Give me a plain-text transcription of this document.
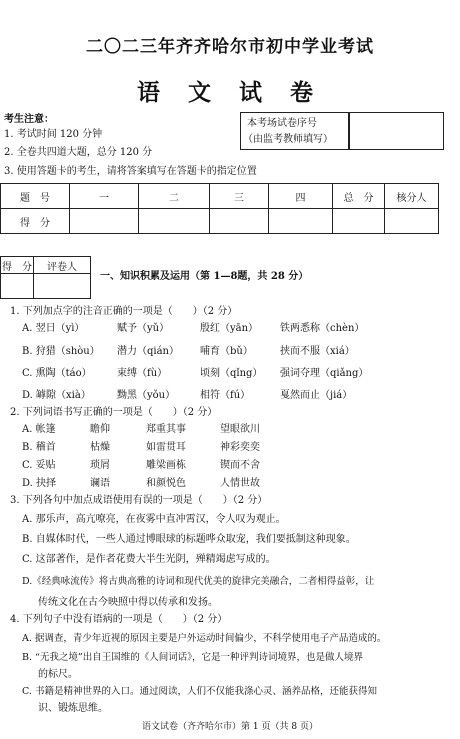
二〇二三年齐齐哈尔市初中学业考试
语 文 试 卷
考生注意：
1. 考试时间 120 分钟
2. 全卷共四道大题，总分 120 分
3. 使用答题卡的考生，请将答案填写在答题卡的指定位置
本考场试卷序号
（由监考教师填写）
题　号	一	二	三	四	总　分	核分人
得　分						
得　分	评卷人

一、知识积累及运用（第 1—8题，共 28 分）
1. 下列加点字的注音正确的一项是（　　）（2 分）
A. 翌日（yì）	赋予（yǔ）	殷红（yān） 铁两悉称（chèn）
B. 狩猎（shòu） 潜力（qián） 哺育（bǔ）	挟而不服（xiá）
C. 熏陶（táo）	束缚（fù）	顷刻（qǐng） 强词夺理（qiǎng）
D. 罅隙（xià）	黝黑（yǒu） 相符（fú）	戛然而止（jiá）
2. 下列词语书写正确的一项是（　　）（2 分）
A. 帐篷	瞻仰	郑重其事	望眼欲川
B. 稽首	枯燥	如雷贯耳	神彩奕奕
C. 妥贴	琐屑	雕梁画栋	锲而不舍
D. 抉择	谰语	和颜悦色	人情世故
3. 下列各句中加点成语使用有误的一项是（　　）（2 分）
A. 那乐声，高亢嘹亮，在夜雾中直冲霄汉，令人叹为观止。
B. 自媒体时代，一些人通过博眼球的标题哗众取宠，我们要抵制这种现象。
C. 这部著作，是作者花费大半生光阴，殚精竭虑写成的。
D.《经典咏流传》将古典高雅的诗词和现代优美的旋律完美融合，二者相得益彰，让
传统文化在古今映照中得以传承和发扬。
4. 下列句子中没有语病的一项是（　　）（2 分）
A. 据调查，青少年近视的原因主要是户外运动时间偏少，不科学使用电子产品造成的。
B. “无我之境”出自王国维的《人间词话》，它是一种评判诗词境界，也是做人境界
的标尺。
C. 书籍是精神世界的入口。通过阅读，人们不仅能我涤心灵、涵养品格，还能获得知
识、锻炼思维。
语文试卷（齐齐哈尔市）第 1 页（共 8 页）
